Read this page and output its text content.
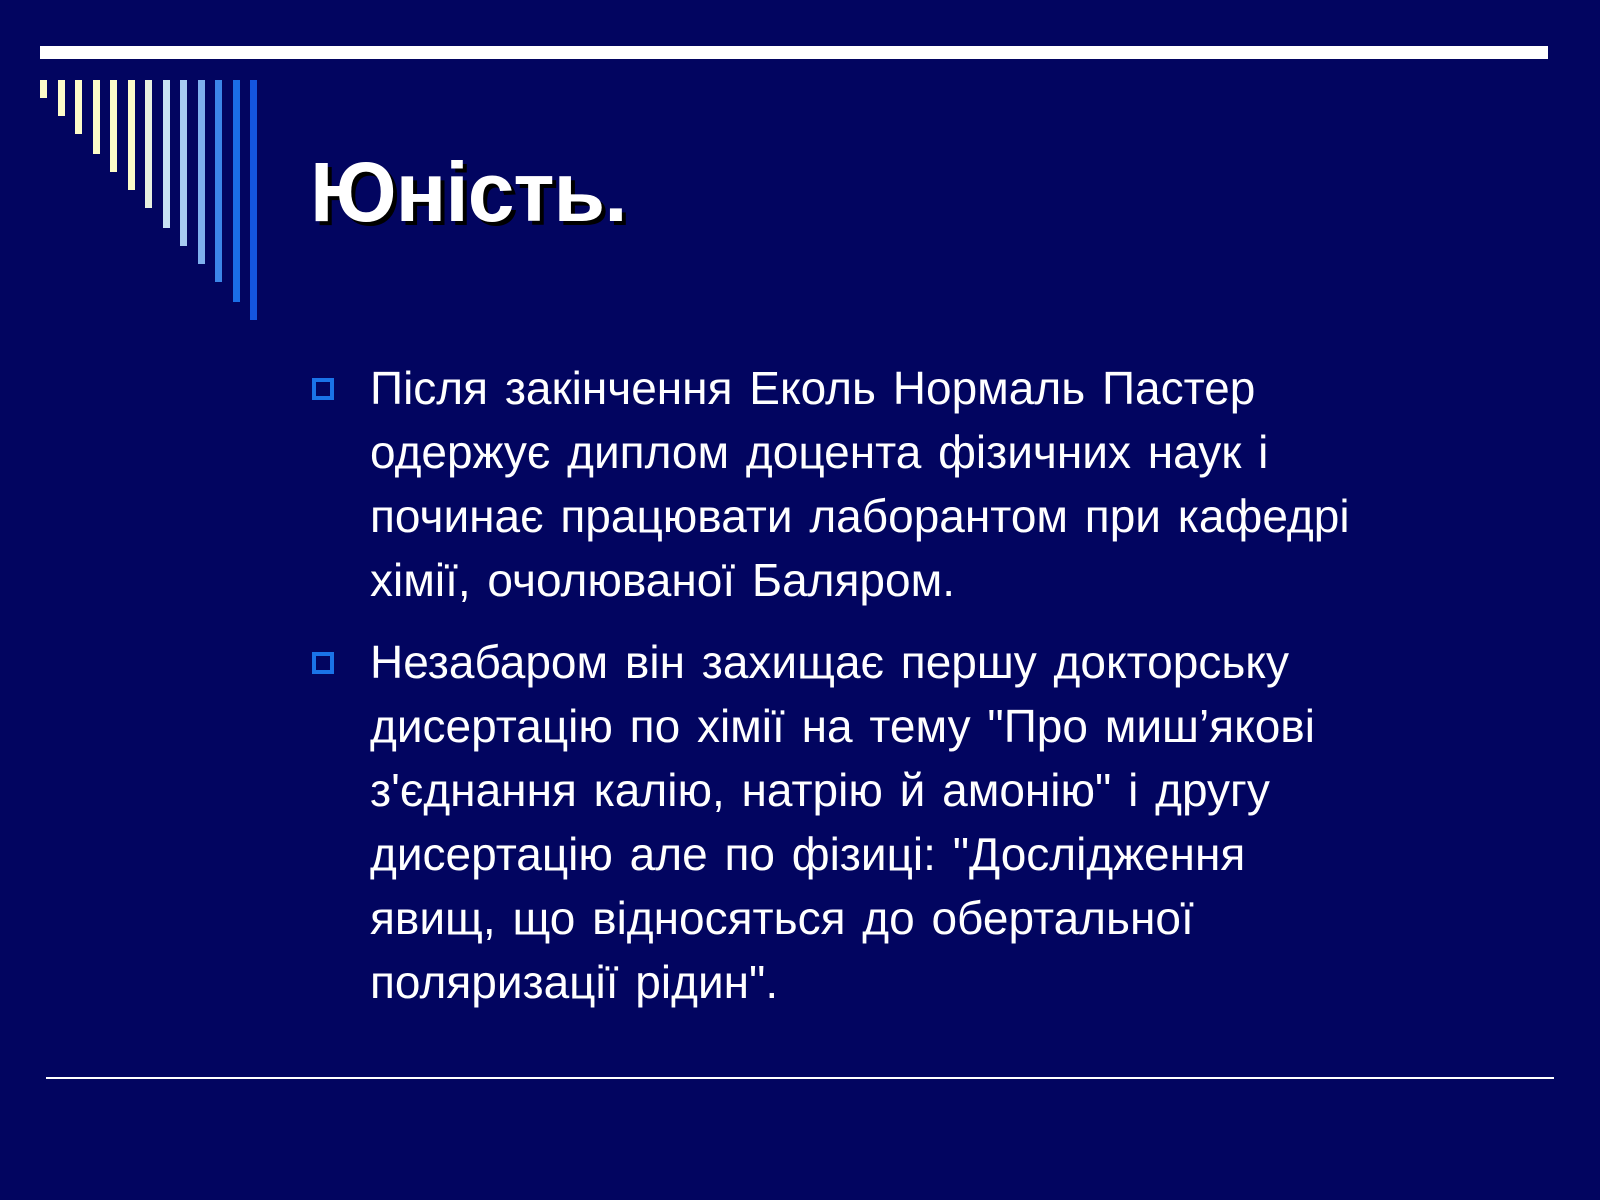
Юність.
Після закінчення Еколь Нормаль Пастер
одержує диплом доцента фізичних наук і
починає працювати лаборантом при кафедрі
хімії, очолюваної Баляром.
Незабаром він захищає першу докторську
дисертацію по хімії на тему "Про миш’якові
з'єднання калію, натрію й амонію" і другу
дисертацію але по фізиці: "Дослідження
явищ, що відносяться до обертальної
поляризації рідин".
